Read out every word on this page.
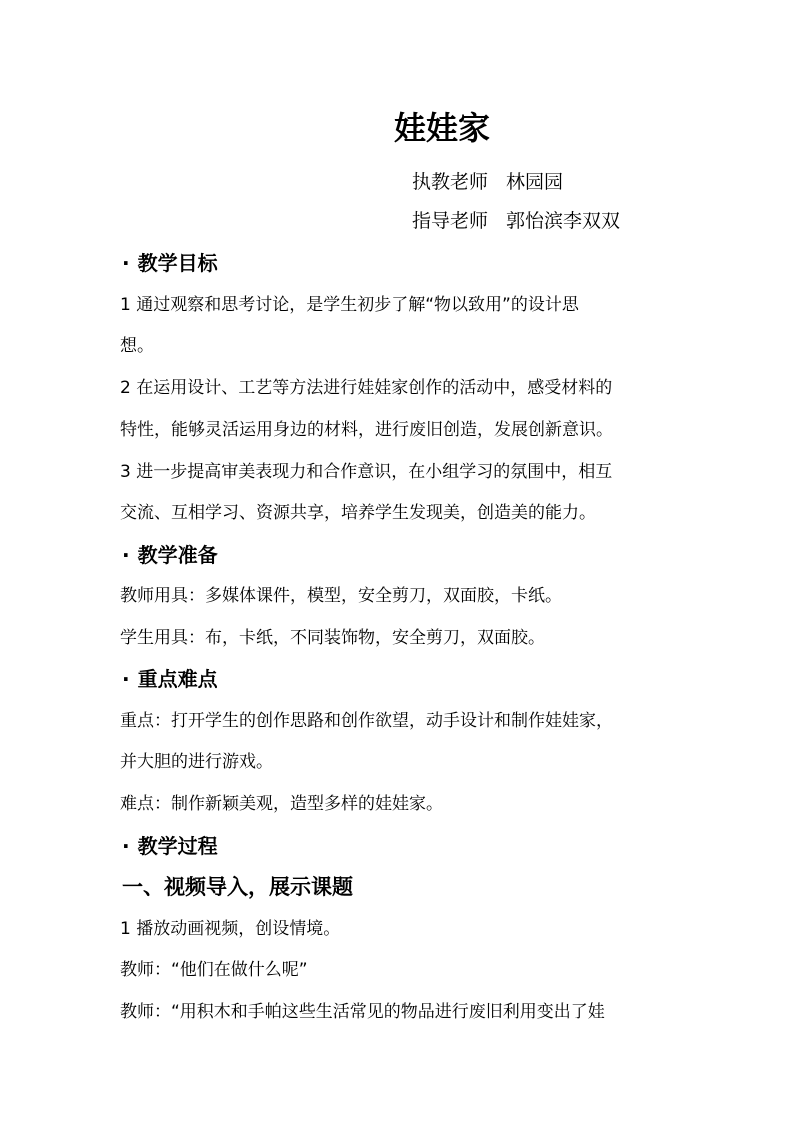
娃娃家
执教老师 林园园
指导老师 郭怡滨李双双
· 教学目标

1 通过观察和思考讨论，是学生初步了解“物以致用”的设计思

想。

2 在运用设计、工艺等方法进行娃娃家创作的活动中，感受材料的

特性，能够灵活运用身边的材料，进行废旧创造，发展创新意识。

3 进一步提高审美表现力和合作意识，在小组学习的氛围中，相互

交流、互相学习、资源共享，培养学生发现美，创造美的能力。

· 教学准备

教师用具：多媒体课件，模型，安全剪刀，双面胶，卡纸。

学生用具：布，卡纸，不同装饰物，安全剪刀，双面胶。

· 重点难点

重点：打开学生的创作思路和创作欲望，动手设计和制作娃娃家，

并大胆的进行游戏。

难点：制作新颖美观，造型多样的娃娃家。

· 教学过程
一、视频导入，展示课题

1 播放动画视频，创设情境。

教师：“他们在做什么呢”

教师：“用积木和手帕这些生活常见的物品进行废旧利用变出了娃
